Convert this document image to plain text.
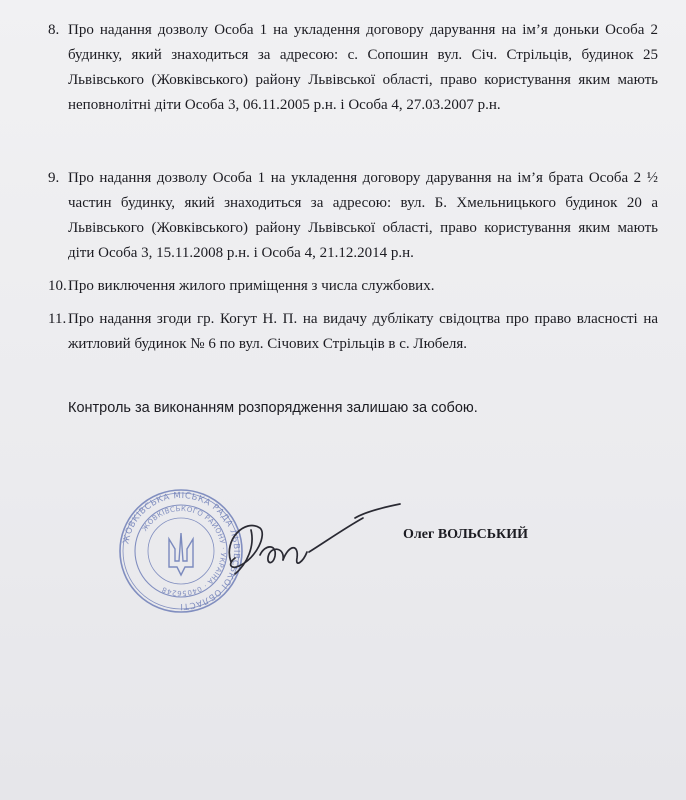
8. Про надання дозволу Особа 1 на укладення договору дарування на ім’я доньки Особа 2 будинку, який знаходиться за адресою: с. Сопошин вул. Січ. Стрільців, будинок 25 Львівського (Жовківського) району Львівської області, право користування яким мають неповнолітні діти Особа 3, 06.11.2005 р.н. і Особа 4, 27.03.2007 р.н.
9. Про надання дозволу Особа 1 на укладення договору дарування на ім’я брата Особа 2 ½ частин будинку, який знаходиться за адресою: вул. Б. Хмельницького будинок 20 а Львівського (Жовківського) району Львівської області, право користування яким мають діти Особа 3, 15.11.2008 р.н. і Особа 4, 21.12.2014 р.н.
10. Про виключення жилого приміщення з числа службових.
11. Про надання згоди гр. Когут Н. П. на видачу дублікату свідоцтва про право власності на житловий будинок № 6 по вул. Січових Стрільців в с. Любеля.
Контроль за виконанням розпорядження залишаю за собою.
ЖОВКІВСЬКА МІСЬКА РАДА ЛЬВІВСЬКОЇ ОБЛАСТІ
ЖОВКІВСЬКОГО РАЙОНУ · УКРАЇНА · 04056248
Олег ВОЛЬСЬКИЙ
